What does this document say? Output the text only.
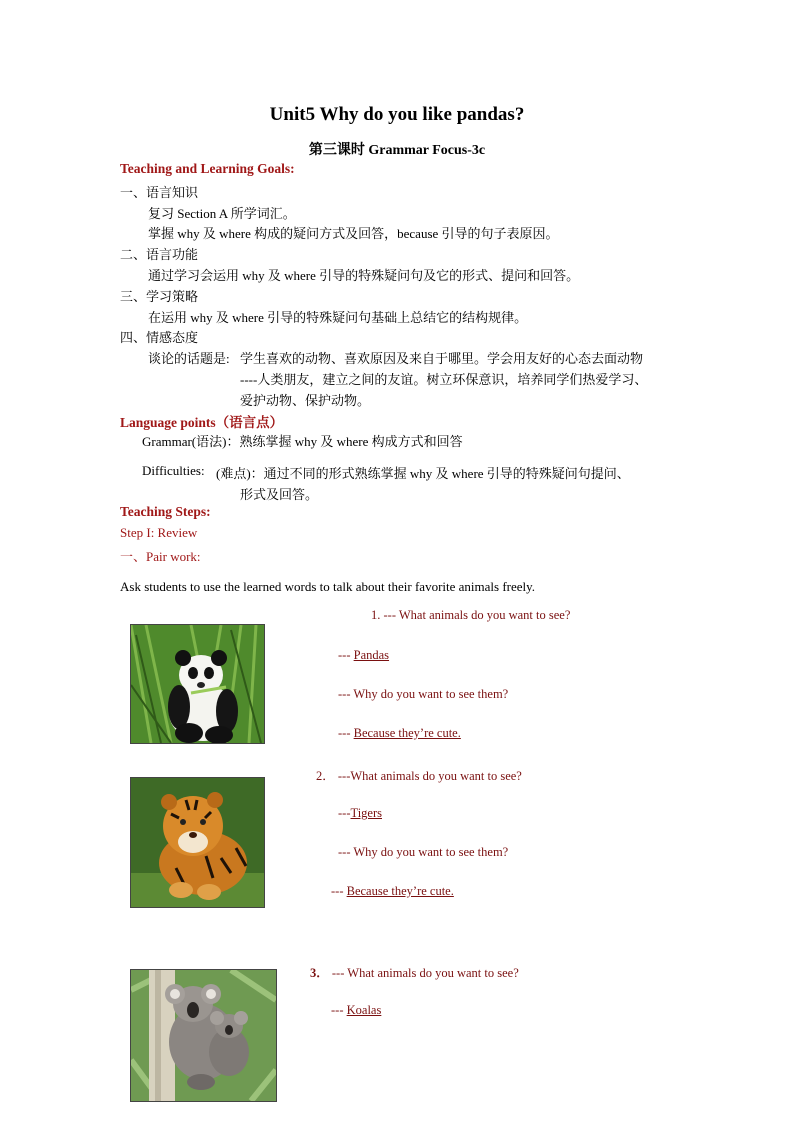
Unit5 Why do you like pandas?
第三课时 Grammar Focus-3c
Teaching and Learning Goals:
一、语言知识
复习 Section A 所学词汇。
掌握 why 及 where 构成的疑问方式及回答，because 引导的句子表原因。
二、语言功能
通过学习会运用 why 及 where 引导的特殊疑问句及它的形式、提问和回答。
三、学习策略
在运用 why 及 where 引导的特殊疑问句基础上总结它的结构规律。
四、情感态度
谈论的话题是: 学生喜欢的动物、喜欢原因及来自于哪里。学会用友好的心态去面动物
----人类朋友，建立之间的友谊。树立环保意识，培养同学们热爱学习、
爱护动物、保护动物。
Language points（语言点）
Grammar(语法)：熟练掌握 why 及 where 构成方式和回答
Difficulties: (难点)：通过不同的形式熟练掌握 why 及 where 引导的特殊疑问句提问、
形式及回答。
Teaching Steps:
Step I: Review
一、Pair work:
Ask students to use the learned words to talk about their favorite animals freely.
1. --- What animals do you want to see?
--- Pandas
--- Why do you want to see them?
--- Because they’re cute.
2． ---What animals do you want to see?
---Tigers
--- Why do you want to see them?
--- Because they’re cute.
3． --- What animals do you want to see?
--- Koalas
